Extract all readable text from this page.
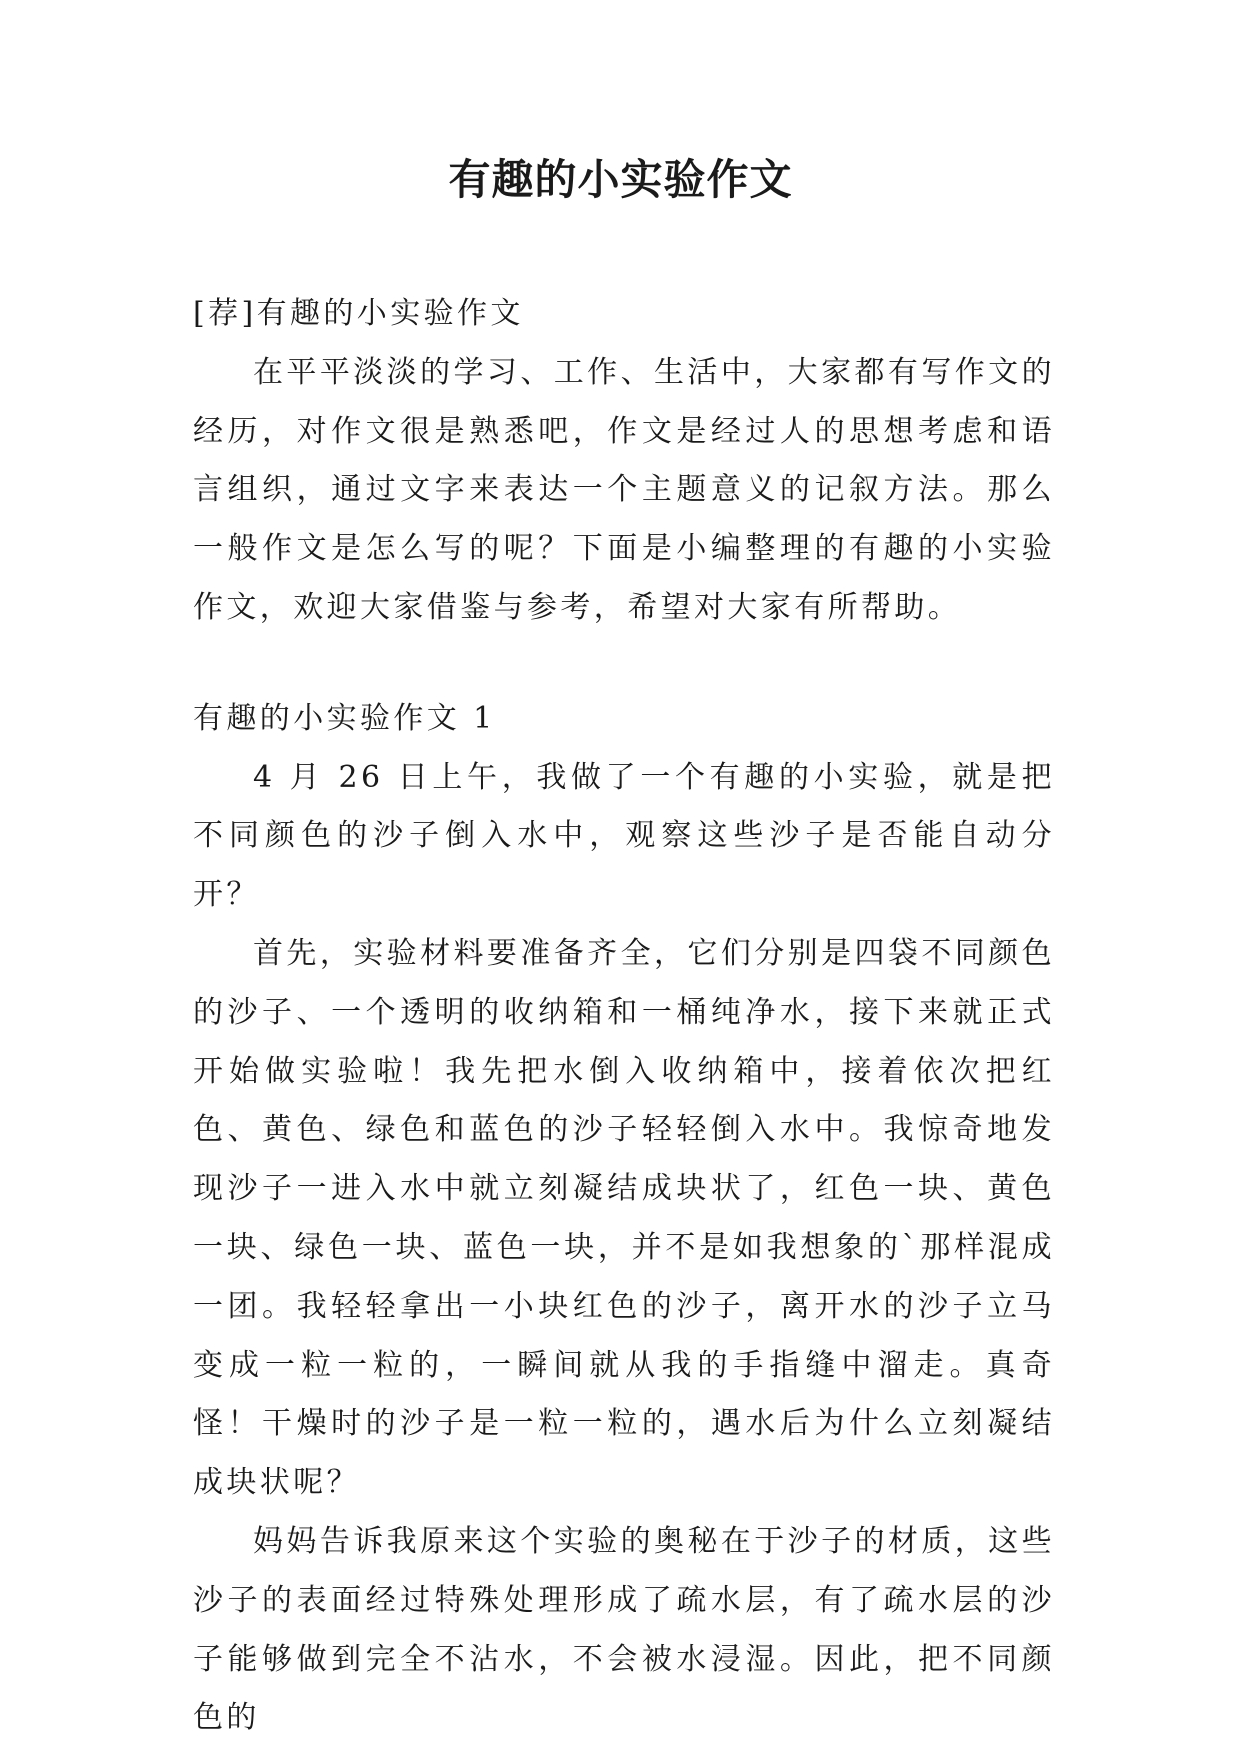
有趣的小实验作文

[荐]有趣的小实验作文

在平平淡淡的学习、工作、生活中，大家都有写作文的经历，对作文很是熟悉吧，作文是经过人的思想考虑和语言组织，通过文字来表达一个主题意义的记叙方法。那么一般作文是怎么写的呢？下面是小编整理的有趣的小实验作文，欢迎大家借鉴与参考，希望对大家有所帮助。

有趣的小实验作文 1

4 月 26 日上午，我做了一个有趣的小实验，就是把不同颜色的沙子倒入水中，观察这些沙子是否能自动分开？

首先，实验材料要准备齐全，它们分别是四袋不同颜色的沙子、一个透明的收纳箱和一桶纯净水，接下来就正式开始做实验啦！我先把水倒入收纳箱中，接着依次把红色、黄色、绿色和蓝色的沙子轻轻倒入水中。我惊奇地发现沙子一进入水中就立刻凝结成块状了，红色一块、黄色一块、绿色一块、蓝色一块，并不是如我想象的`那样混成一团。我轻轻拿出一小块红色的沙子，离开水的沙子立马变成一粒一粒的，一瞬间就从我的手指缝中溜走。真奇怪！干燥时的沙子是一粒一粒的，遇水后为什么立刻凝结成块状呢？

妈妈告诉我原来这个实验的奥秘在于沙子的材质，这些沙子的表面经过特殊处理形成了疏水层，有了疏水层的沙子能够做到完全不沾水，不会被水浸湿。因此，把不同颜色的
